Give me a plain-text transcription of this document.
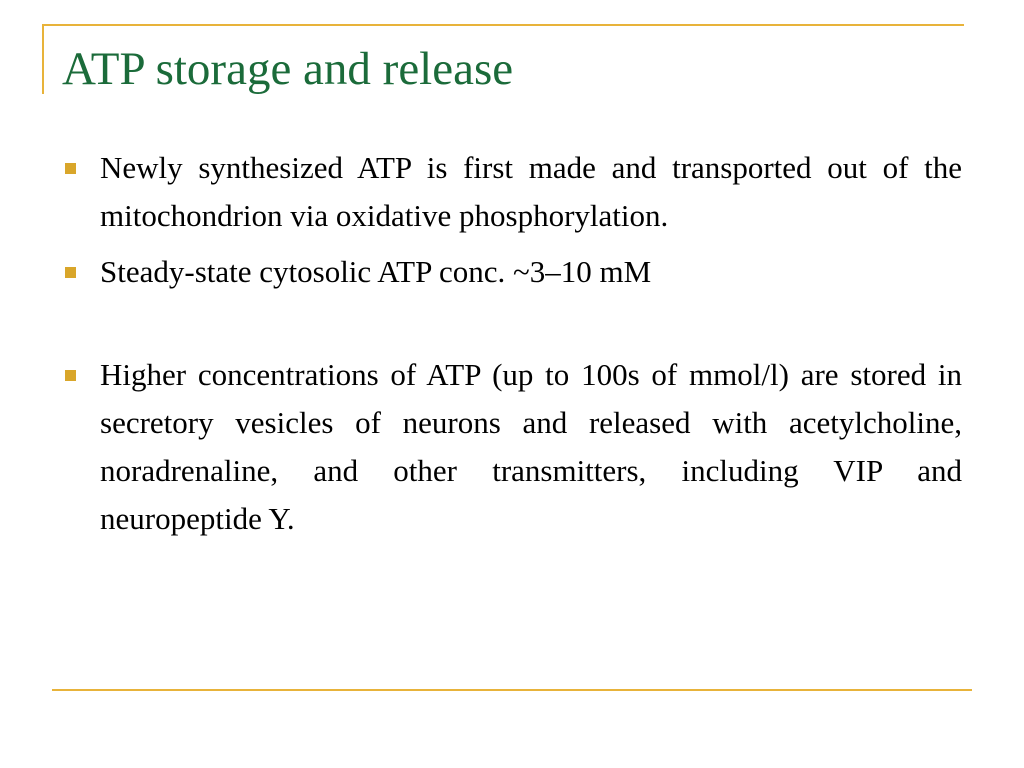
ATP storage and release
Newly synthesized ATP is first made and transported out of the mitochondrion via oxidative phosphorylation.
Steady-state cytosolic ATP conc. ~3–10 mM
Higher concentrations of ATP (up to 100s of mmol/l) are stored in secretory vesicles of neurons and released with acetylcholine, noradrenaline, and other transmitters, including VIP and neuropeptide Y.
